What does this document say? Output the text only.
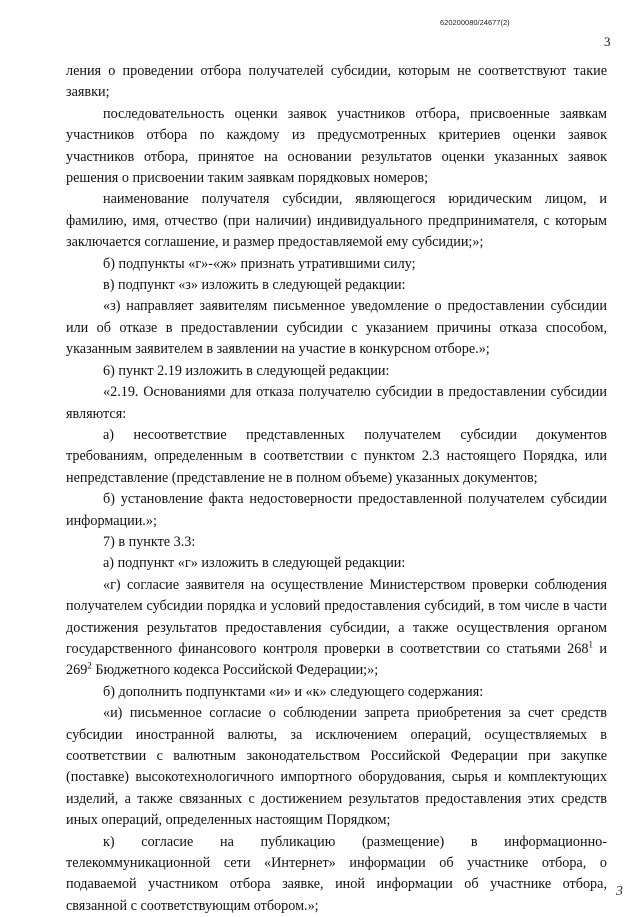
620200080/24677(2)
3

ления о проведении отбора получателей субсидии, которым не соответствуют такие заявки;

последовательность оценки заявок участников отбора, присвоенные заявкам участников отбора по каждому из предусмотренных критериев оценки заявок участников отбора, принятое на основании результатов оценки указанных заявок решения о присвоении таким заявкам порядковых номеров;

наименование получателя субсидии, являющегося юридическим лицом, и фамилию, имя, отчество (при наличии) индивидуального предпринимателя, с которым заключается соглашение, и размер предоставляемой ему субсидии;»;

б) подпункты «г»-«ж» признать утратившими силу;

в) подпункт «з» изложить в следующей редакции:

«з) направляет заявителям письменное уведомление о предоставлении субсидии или об отказе в предоставлении субсидии с указанием причины отказа способом, указанным заявителем в заявлении на участие в конкурсном отборе.»;

6) пункт 2.19 изложить в следующей редакции:

«2.19. Основаниями для отказа получателю субсидии в предоставлении субсидии являются:

а) несоответствие представленных получателем субсидии документов требованиям, определенным в соответствии с пунктом 2.3 настоящего Порядка, или непредставление (представление не в полном объеме) указанных документов;

б) установление факта недостоверности предоставленной получателем субсидии информации.»;

7) в пункте 3.3:

а) подпункт «г» изложить в следующей редакции:

«г) согласие заявителя на осуществление Министерством проверки соблюдения получателем субсидии порядка и условий предоставления субсидий, в том числе в части достижения результатов предоставления субсидии, а также осуществления органом государственного финансового контроля проверки в соответствии со статьями $268^1$ и $269^2$ Бюджетного кодекса Российской Федерации;»;

б) дополнить подпунктами «и» и «к» следующего содержания:

«и) письменное согласие о соблюдении запрета приобретения за счет средств субсидии иностранной валюты, за исключением операций, осуществляемых в соответствии с валютным законодательством Российской Федерации при закупке (поставке) высокотехнологичного импортного оборудования, сырья и комплектующих изделий, а также связанных с достижением результатов предоставления этих средств иных операций, определенных настоящим Порядком;

к) согласие на публикацию (размещение) в информационно-

телекоммуникационной сети «Интернет» информации об участнике отбора, о подаваемой участником отбора заявке, иной информации об участнике отбора, связанной с соответствующим отбором.»;

3
